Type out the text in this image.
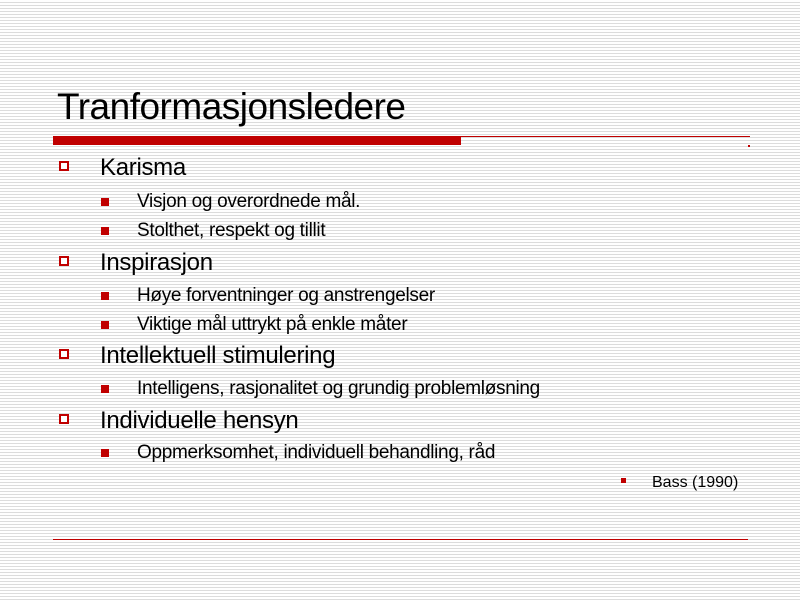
Tranformasjonsledere
Karisma
Visjon og overordnede mål.
Stolthet, respekt og tillit
Inspirasjon
Høye forventninger og anstrengelser
Viktige mål uttrykt på enkle måter
Intellektuell stimulering
Intelligens, rasjonalitet og grundig problemløsning
Individuelle hensyn
Oppmerksomhet, individuell behandling, råd
Bass (1990)
